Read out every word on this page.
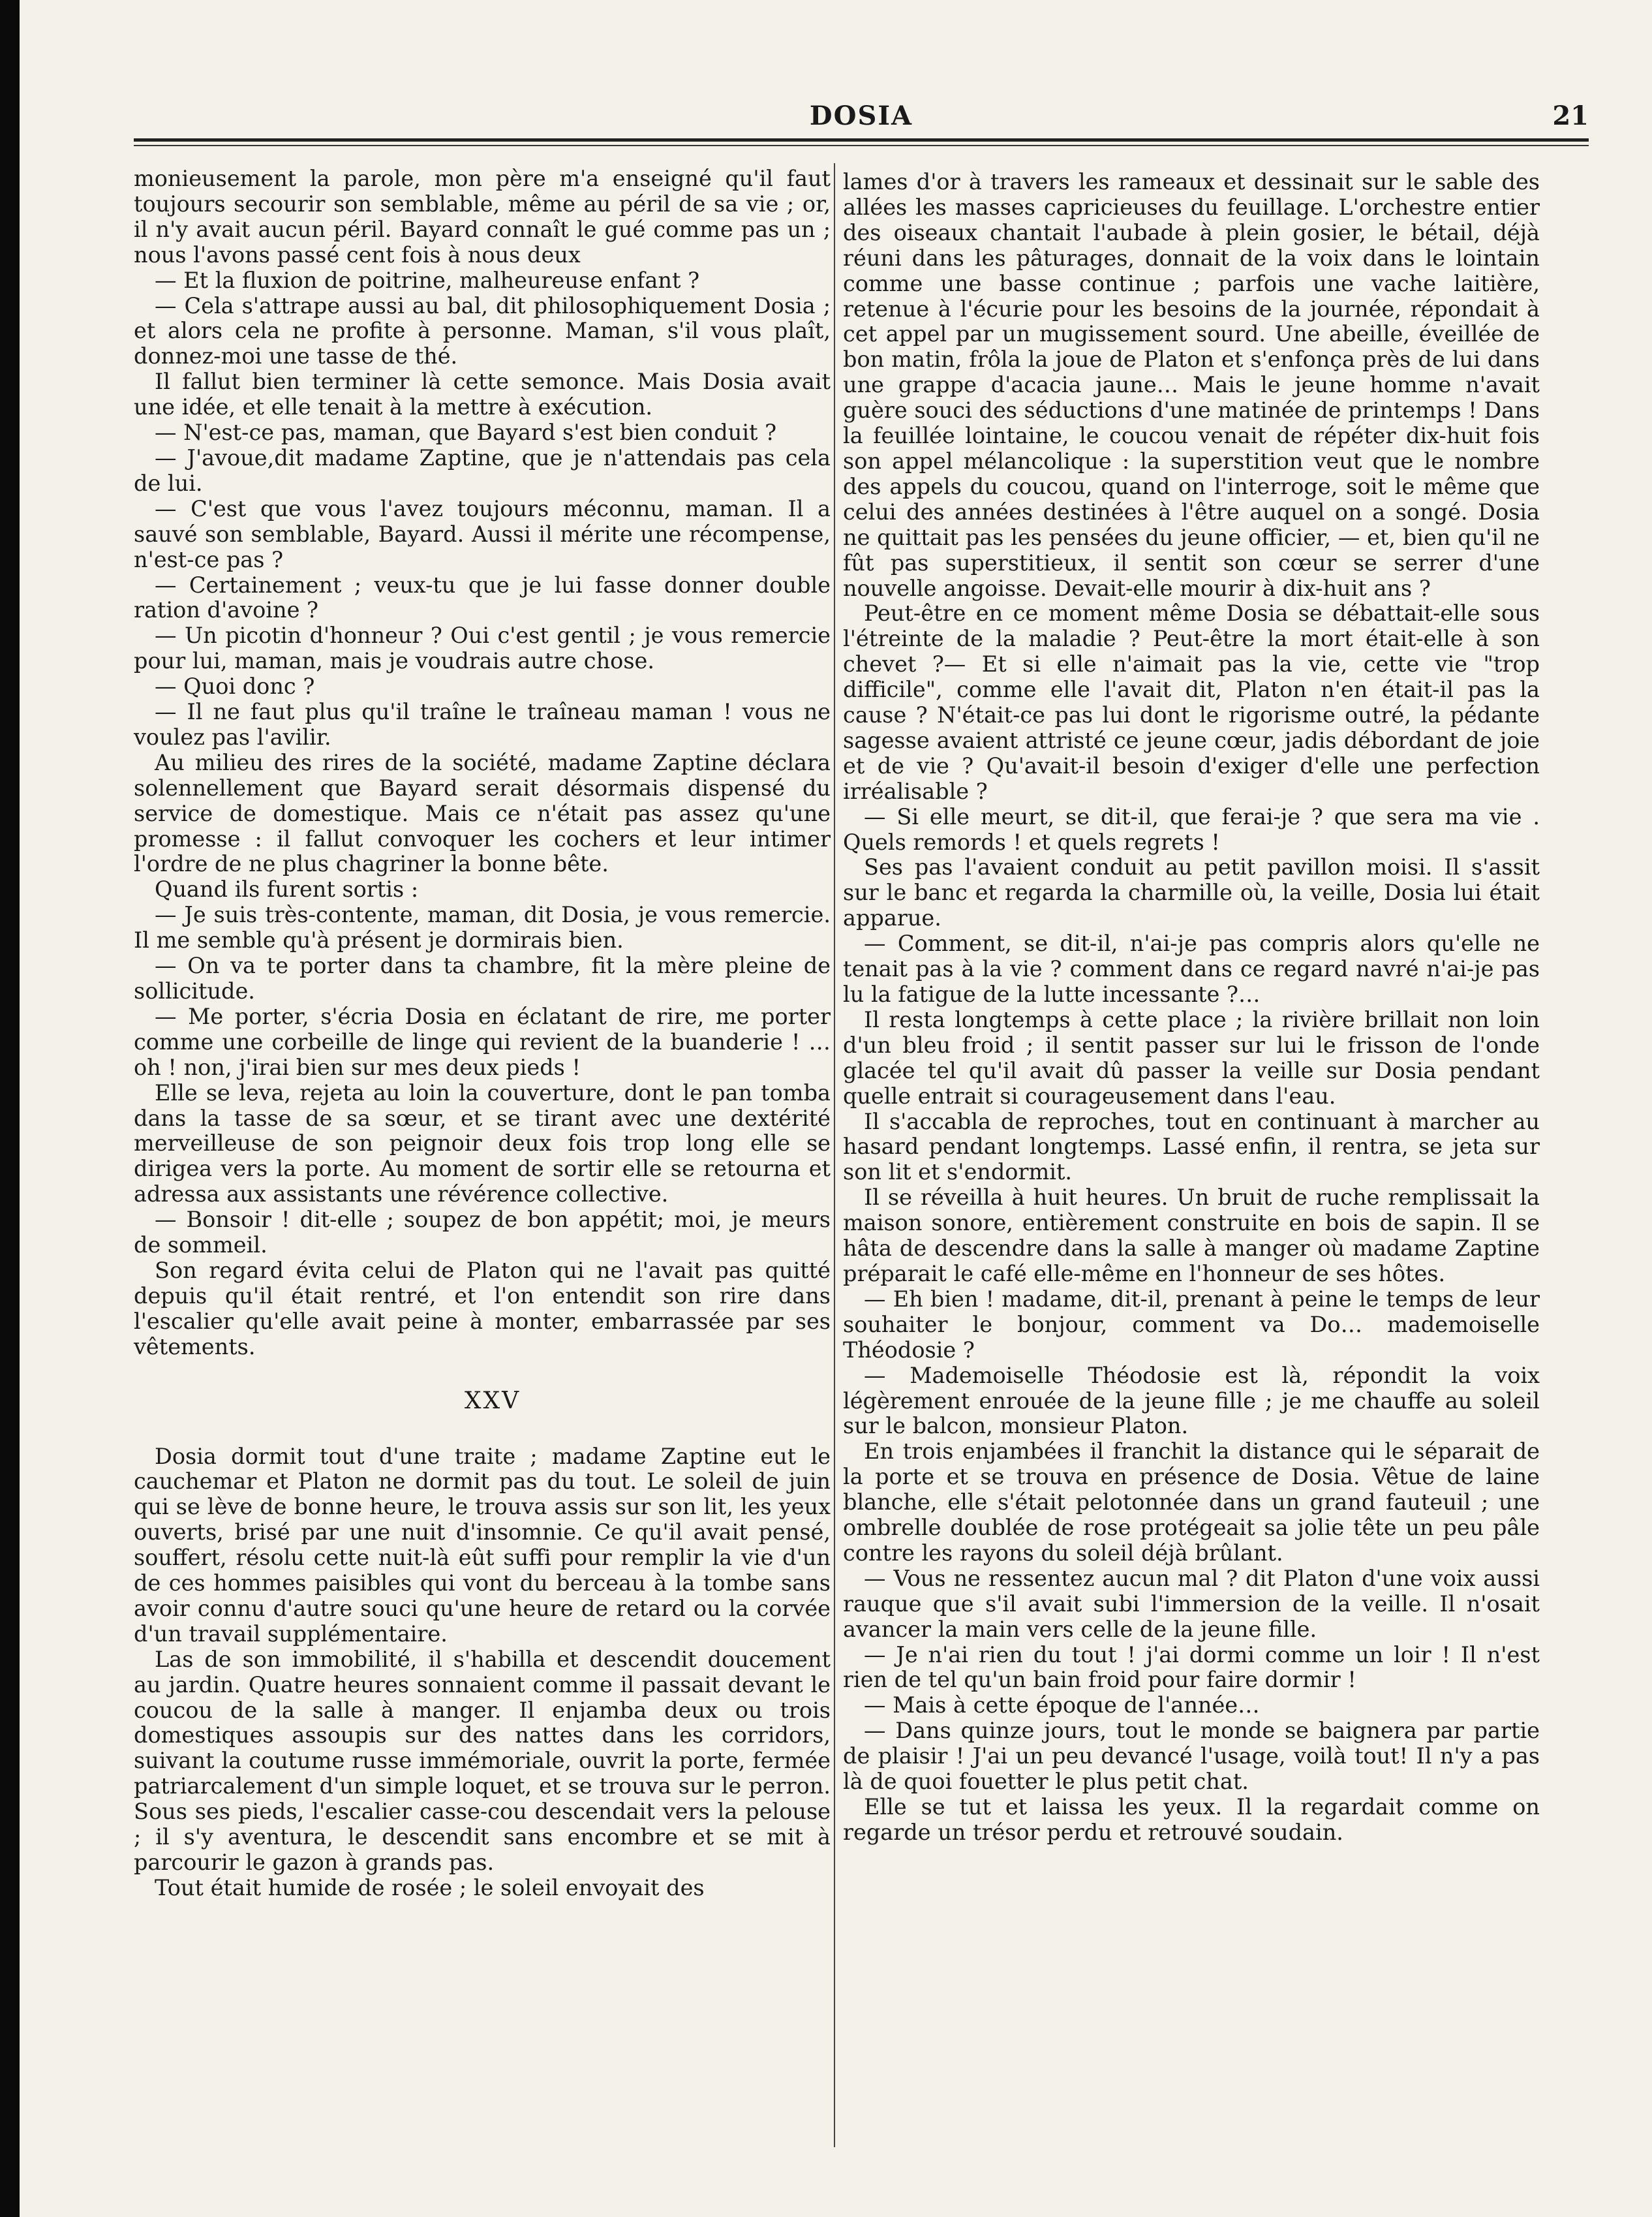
DOSIA	21

monieusement la parole, mon père m'a enseigné qu'il faut toujours secourir son semblable, même au péril de sa vie ; or, il n'y avait aucun péril. Bayard connaît le gué comme pas un ; nous l'avons passé cent fois à nous deux

— Et la fluxion de poitrine, malheureuse enfant ?

— Cela s'attrape aussi au bal, dit philosophiquement Dosia ; et alors cela ne profite à personne. Maman, s'il vous plaît, donnez-moi une tasse de thé.

Il fallut bien terminer là cette semonce. Mais Dosia avait une idée, et elle tenait à la mettre à exécution.

— N'est-ce pas, maman, que Bayard s'est bien conduit ?

— J'avoue,dit madame Zaptine, que je n'attendais pas cela de lui.

— C'est que vous l'avez toujours méconnu, maman. Il a sauvé son semblable, Bayard. Aussi il mérite une récompense, n'est-ce pas ?

— Certainement ; veux-tu que je lui fasse donner double ration d'avoine ?

— Un picotin d'honneur ? Oui c'est gentil ; je vous remercie pour lui, maman, mais je voudrais autre chose.

— Quoi donc ?

— Il ne faut plus qu'il traîne le traîneau maman ! vous ne voulez pas l'avilir.

Au milieu des rires de la société, madame Zaptine déclara solennellement que Bayard serait désormais dispensé du service de domestique. Mais ce n'était pas assez qu'une promesse : il fallut convoquer les cochers et leur intimer l'ordre de ne plus chagriner la bonne bête.

Quand ils furent sortis :

— Je suis très-contente, maman, dit Dosia, je vous remercie. Il me semble qu'à présent je dormirais bien.

— On va te porter dans ta chambre, fit la mère pleine de sollicitude.

— Me porter, s'écria Dosia en éclatant de rire, me porter comme une corbeille de linge qui revient de la buanderie ! … oh ! non, j'irai bien sur mes deux pieds !

Elle se leva, rejeta au loin la couverture, dont le pan tomba dans la tasse de sa sœur, et se tirant avec une dextérité merveilleuse de son peignoir deux fois trop long elle se dirigea vers la porte. Au moment de sortir elle se retourna et adressa aux assistants une révérence collective.

— Bonsoir ! dit-elle ; soupez de bon appétit; moi, je meurs de sommeil.

Son regard évita celui de Platon qui ne l'avait pas quitté depuis qu'il était rentré, et l'on entendit son rire dans l'escalier qu'elle avait peine à monter, embarrassée par ses vêtements.

XXV

Dosia dormit tout d'une traite ; madame Zaptine eut le cauchemar et Platon ne dormit pas du tout. Le soleil de juin qui se lève de bonne heure, le trouva assis sur son lit, les yeux ouverts, brisé par une nuit d'insomnie. Ce qu'il avait pensé, souffert, résolu cette nuit-là eût suffi pour remplir la vie d'un de ces hommes paisibles qui vont du berceau à la tombe sans avoir connu d'autre souci qu'une heure de retard ou la corvée d'un travail supplémentaire.

Las de son immobilité, il s'habilla et descendit doucement au jardin. Quatre heures sonnaient comme il passait devant le coucou de la salle à manger. Il enjamba deux ou trois domestiques assoupis sur des nattes dans les corridors, suivant la coutume russe immémoriale, ouvrit la porte, fermée patriarcalement d'un simple loquet, et se trouva sur le perron. Sous ses pieds, l'escalier casse-cou descendait vers la pelouse ; il s'y aventura, le descendit sans encombre et se mit à parcourir le gazon à grands pas.

Tout était humide de rosée ; le soleil envoyait des

lames d'or à travers les rameaux et dessinait sur le sable des allées les masses capricieuses du feuillage. L'orchestre entier des oiseaux chantait l'aubade à plein gosier, le bétail, déjà réuni dans les pâturages, donnait de la voix dans le lointain comme une basse continue ; parfois une vache laitière, retenue à l'écurie pour les besoins de la journée, répondait à cet appel par un mugissement sourd. Une abeille, éveillée de bon matin, frôla la joue de Platon et s'enfonça près de lui dans une grappe d'acacia jaune… Mais le jeune homme n'avait guère souci des séductions d'une matinée de printemps ! Dans la feuillée lointaine, le coucou venait de répéter dix-huit fois son appel mélancolique : la superstition veut que le nombre des appels du coucou, quand on l'interroge, soit le même que celui des années destinées à l'être auquel on a songé. Dosia ne quittait pas les pensées du jeune officier, — et, bien qu'il ne fût pas superstitieux, il sentit son cœur se serrer d'une nouvelle angoisse. Devait-elle mourir à dix-huit ans ?

Peut-être en ce moment même Dosia se débattait-elle sous l'étreinte de la maladie ? Peut-être la mort était-elle à son chevet ?— Et si elle n'aimait pas la vie, cette vie "trop difficile", comme elle l'avait dit, Platon n'en était-il pas la cause ? N'était-ce pas lui dont le rigorisme outré, la pédante sagesse avaient attristé ce jeune cœur, jadis débordant de joie et de vie ? Qu'avait-il besoin d'exiger d'elle une perfection irréalisable ?

— Si elle meurt, se dit-il, que ferai-je ? que sera ma vie . Quels remords ! et quels regrets !

Ses pas l'avaient conduit au petit pavillon moisi. Il s'assit sur le banc et regarda la charmille où, la veille, Dosia lui était apparue.

— Comment, se dit-il, n'ai-je pas compris alors qu'elle ne tenait pas à la vie ? comment dans ce regard navré n'ai-je pas lu la fatigue de la lutte incessante ?…

Il resta longtemps à cette place ; la rivière brillait non loin d'un bleu froid ; il sentit passer sur lui le frisson de l'onde glacée tel qu'il avait dû passer la veille sur Dosia pendant quelle entrait si courageusement dans l'eau.

Il s'accabla de reproches, tout en continuant à marcher au hasard pendant longtemps. Lassé enfin, il rentra, se jeta sur son lit et s'endormit.

Il se réveilla à huit heures. Un bruit de ruche remplissait la maison sonore, entièrement construite en bois de sapin. Il se hâta de descendre dans la salle à manger où madame Zaptine préparait le café elle-même en l'honneur de ses hôtes.

— Eh bien ! madame, dit-il, prenant à peine le temps de leur souhaiter le bonjour, comment va Do… mademoiselle Théodosie ?

— Mademoiselle Théodosie est là, répondit la voix légèrement enrouée de la jeune fille ; je me chauffe au soleil sur le balcon, monsieur Platon.

En trois enjambées il franchit la distance qui le séparait de la porte et se trouva en présence de Dosia. Vêtue de laine blanche, elle s'était pelotonnée dans un grand fauteuil ; une ombrelle doublée de rose protégeait sa jolie tête un peu pâle contre les rayons du soleil déjà brûlant.

— Vous ne ressentez aucun mal ? dit Platon d'une voix aussi rauque que s'il avait subi l'immersion de la veille. Il n'osait avancer la main vers celle de la jeune fille.

— Je n'ai rien du tout ! j'ai dormi comme un loir ! Il n'est rien de tel qu'un bain froid pour faire dormir !

— Mais à cette époque de l'année…

— Dans quinze jours, tout le monde se baignera par partie de plaisir ! J'ai un peu devancé l'usage, voilà tout! Il n'y a pas là de quoi fouetter le plus petit chat.

Elle se tut et laissa les yeux. Il la regardait comme on regarde un trésor perdu et retrouvé soudain.
